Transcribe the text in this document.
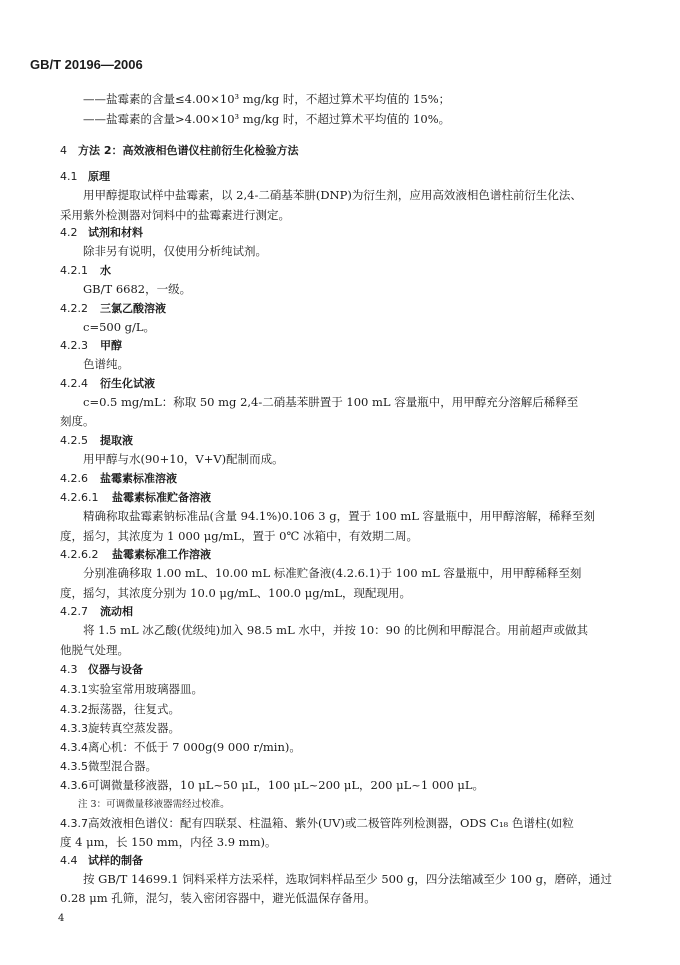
GB/T 20196—2006
——盐霉素的含量≤4.00×10³ mg/kg 时，不超过算术平均值的 15%；
——盐霉素的含量>4.00×10³ mg/kg 时，不超过算术平均值的 10%。
4 方法 2：高效液相色谱仪柱前衍生化检验方法
4.1 原理
用甲醇提取试样中盐霉素，以 2,4-二硝基苯肼(DNP)为衍生剂，应用高效液相色谱柱前衍生化法、
采用紫外检测器对饲料中的盐霉素进行测定。
4.2 试剂和材料
除非另有说明，仅使用分析纯试剂。
4.2.1 水
GB/T 6682，一级。
4.2.2 三氯乙酸溶液
c=500 g/L。
4.2.3 甲醇
色谱纯。
4.2.4 衍生化试液
c=0.5 mg/mL：称取 50 mg 2,4-二硝基苯肼置于 100 mL 容量瓶中，用甲醇充分溶解后稀释至
刻度。
4.2.5 提取液
用甲醇与水(90+10，V+V)配制而成。
4.2.6 盐霉素标准溶液
4.2.6.1 盐霉素标准贮备溶液
精确称取盐霉素钠标准品(含量 94.1%)0.106 3 g，置于 100 mL 容量瓶中，用甲醇溶解，稀释至刻
度，摇匀，其浓度为 1 000 μg/mL，置于 0℃ 冰箱中，有效期二周。
4.2.6.2 盐霉素标准工作溶液
分别准确移取 1.00 mL、10.00 mL 标准贮备液(4.2.6.1)于 100 mL 容量瓶中，用甲醇稀释至刻
度，摇匀，其浓度分别为 10.0 μg/mL、100.0 μg/mL，现配现用。
4.2.7 流动相
将 1.5 mL 冰乙酸(优级纯)加入 98.5 mL 水中，并按 10：90 的比例和甲醇混合。用前超声或做其
他脱气处理。
4.3 仪器与设备
4.3.1实验室常用玻璃器皿。
4.3.2振荡器，往复式。
4.3.3旋转真空蒸发器。
4.3.4离心机：不低于 7 000g(9 000 r/min)。
4.3.5微型混合器。
4.3.6可调微量移液器，10 μL~50 μL，100 μL~200 μL，200 μL~1 000 μL。
注 3：可调微量移液器需经过校准。
4.3.7高效液相色谱仪：配有四联泵、柱温箱、紫外(UV)或二极管阵列检测器，ODS C₁₈ 色谱柱(如粒
度 4 μm，长 150 mm，内径 3.9 mm)。
4.4 试样的制备
按 GB/T 14699.1 饲料采样方法采样，选取饲料样品至少 500 g，四分法缩减至少 100 g，磨碎，通过
0.28 μm 孔筛，混匀，装入密闭容器中，避光低温保存备用。
4
